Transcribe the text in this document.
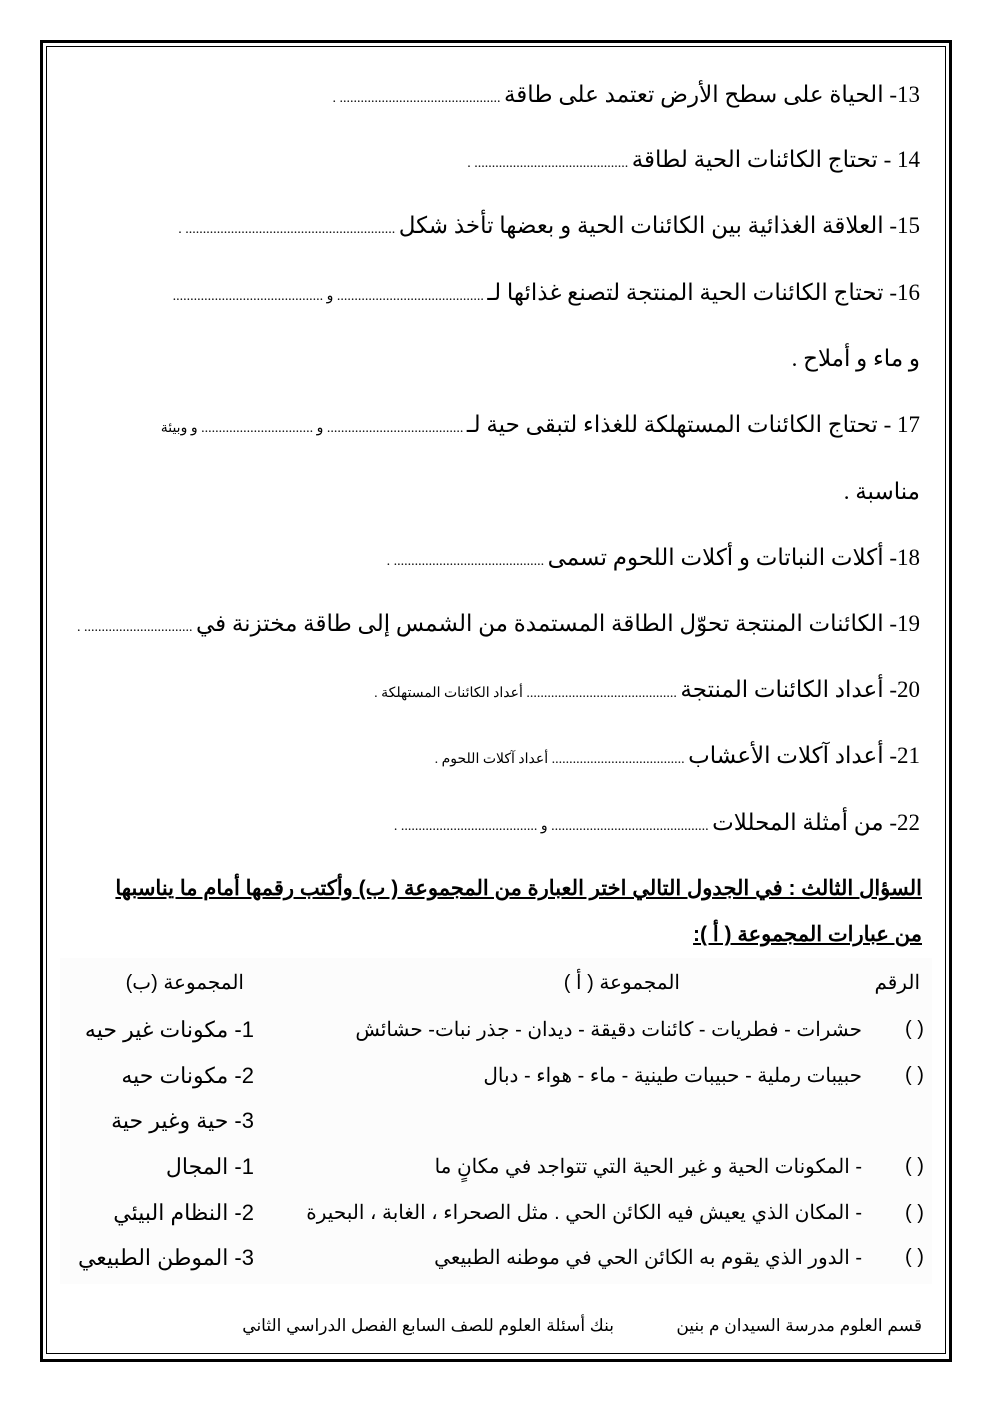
13- الحياة على سطح الأرض تعتمد على طاقة .............................................. .
14 - تحتاج الكائنات الحية لطاقة ............................................ .
15- العلاقة الغذائية بين الكائنات الحية و بعضها تأخذ شكل ............................................................ .
16- تحتاج الكائنات الحية المنتجة لتصنع غذائها لـ .......................................... و ...........................................
و ماء و أملاح .
17 - تحتاج الكائنات المستهلكة للغذاء لتبقى حية لـ ....................................... و ................................ و وبيئة
مناسبة .
18- أكلات النباتات و أكلات اللحوم تسمى ........................................... .
19- الكائنات المنتجة تحوّل الطاقة المستمدة من الشمس إلى طاقة مختزنة في ............................... .
20- أعداد الكائنات المنتجة ........................................... أعداد الكائنات المستهلكة .
21- أعداد آكلات الأعشاب ...................................... أعداد آكلات اللحوم .
22- من أمثلة المحللات ............................................. و ....................................... .
السؤال الثالث : في الجدول التالي اختر العبارة من المجموعة ( ب) وأكتب رقمها أمام ما يناسبها
من عبارات المجموعة ( أ ):
الرقم
المجموعة ( أ )
المجموعة (ب)
( )
( )
( )
( )
( )
حشرات - فطريات - كائنات دقيقة - ديدان - جذر نبات- حشائش
حبيبات رملية - حبيبات طينية - ماء - هواء - دبال
- المكونات الحية و غير الحية التي تتواجد في مكانٍ ما
- المكان الذي يعيش فيه الكائن الحي . مثل الصحراء ، الغابة ، البحيرة
- الدور الذي يقوم به الكائن الحي في موطنه الطبيعي
1- مكونات غير حيه
2- مكونات حيه
3- حية وغير حية
1- المجال
2- النظام البيئي
3- الموطن الطبيعي
قسم العلوم مدرسة السيدان م بنين
بنك أسئلة العلوم للصف السابع الفصل الدراسي الثاني
